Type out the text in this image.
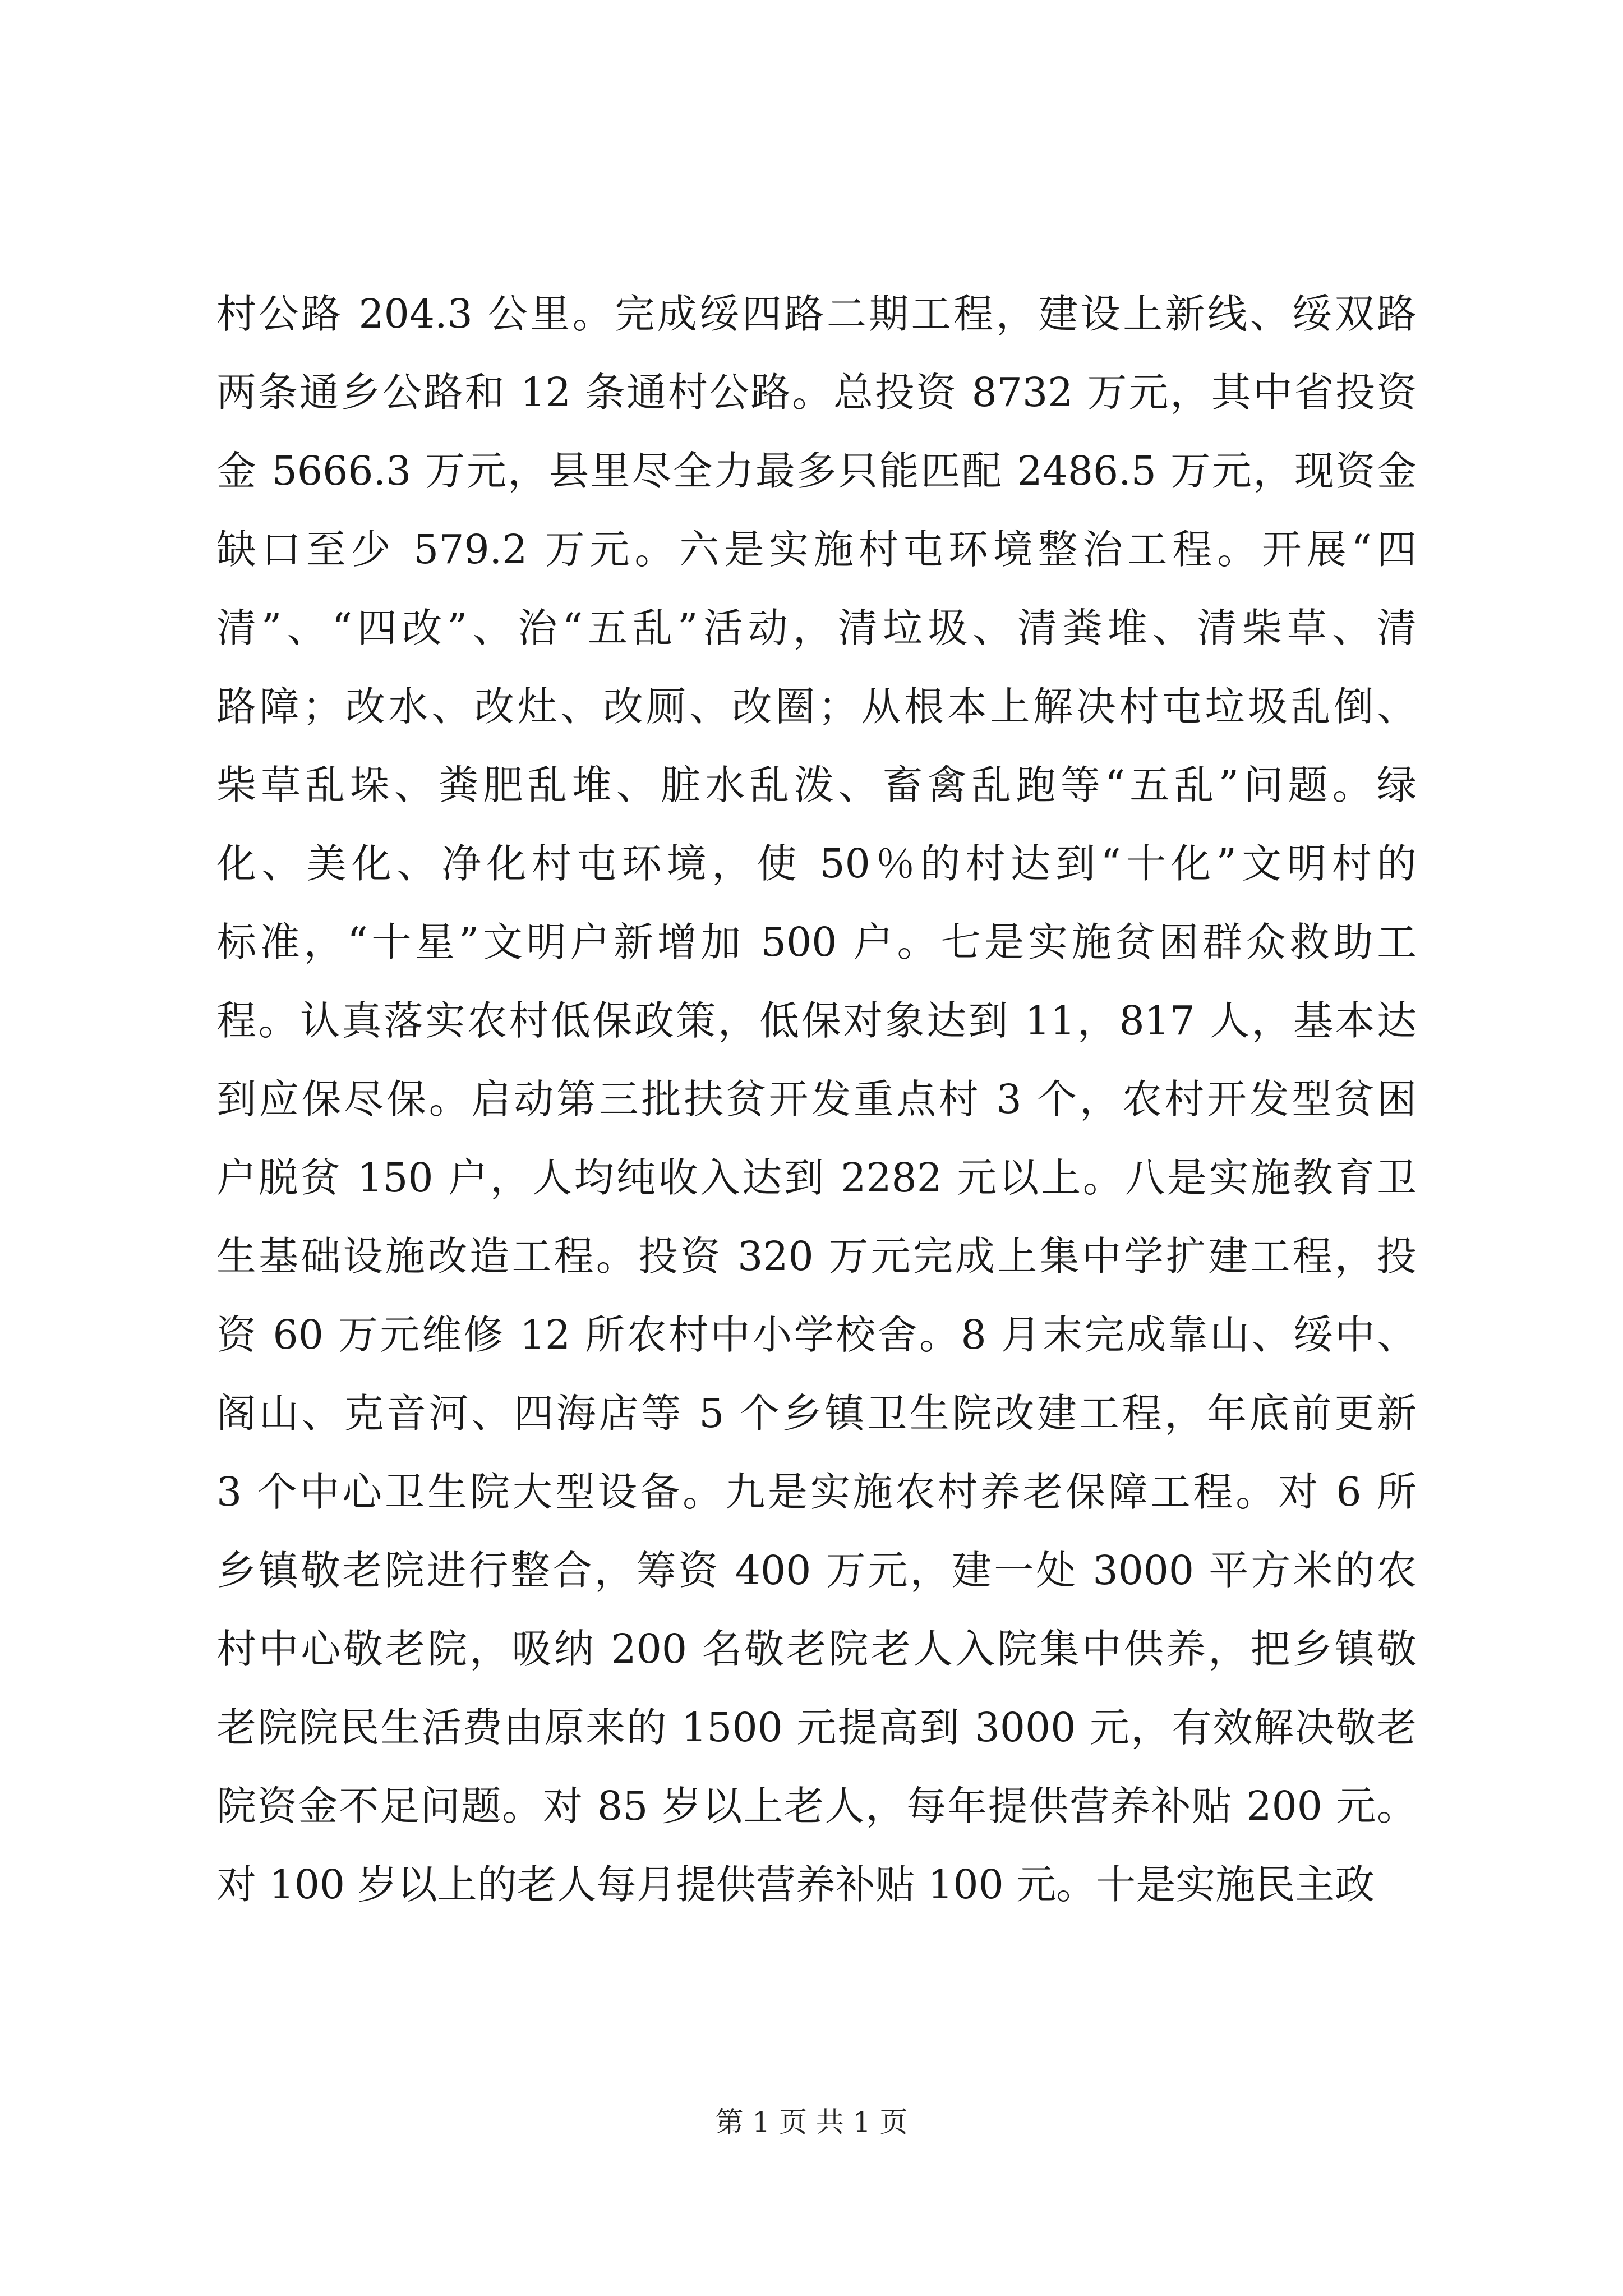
村公路 204.3 公里。完成绥四路二期工程，建设上新线、绥双路
两条通乡公路和 12 条通村公路。总投资 8732 万元，其中省投资
金 5666.3 万元，县里尽全力最多只能匹配 2486.5 万元，现资金
缺口至少 579.2 万元。六是实施村屯环境整治工程。开展“四
清”、“四改”、治“五乱”活动，清垃圾、清粪堆、清柴草、清
路障；改水、改灶、改厕、改圈；从根本上解决村屯垃圾乱倒、
柴草乱垛、粪肥乱堆、脏水乱泼、畜禽乱跑等“五乱”问题。绿
化、美化、净化村屯环境，使 50％的村达到“十化”文明村的
标准，“十星”文明户新增加 500 户。七是实施贫困群众救助工
程。认真落实农村低保政策，低保对象达到 11，817 人，基本达
到应保尽保。启动第三批扶贫开发重点村 3 个，农村开发型贫困
户脱贫 150 户，人均纯收入达到 2282 元以上。八是实施教育卫
生基础设施改造工程。投资 320 万元完成上集中学扩建工程，投
资 60 万元维修 12 所农村中小学校舍。8 月末完成靠山、绥中、
阁山、克音河、四海店等 5 个乡镇卫生院改建工程，年底前更新
3 个中心卫生院大型设备。九是实施农村养老保障工程。对 6 所
乡镇敬老院进行整合，筹资 400 万元，建一处 3000 平方米的农
村中心敬老院，吸纳 200 名敬老院老人入院集中供养，把乡镇敬
老院院民生活费由原来的 1500 元提高到 3000 元，有效解决敬老
院资金不足问题。对 85 岁以上老人，每年提供营养补贴 200 元。
对 100 岁以上的老人每月提供营养补贴 100 元。十是实施民主政
第 1 页 共 1 页
